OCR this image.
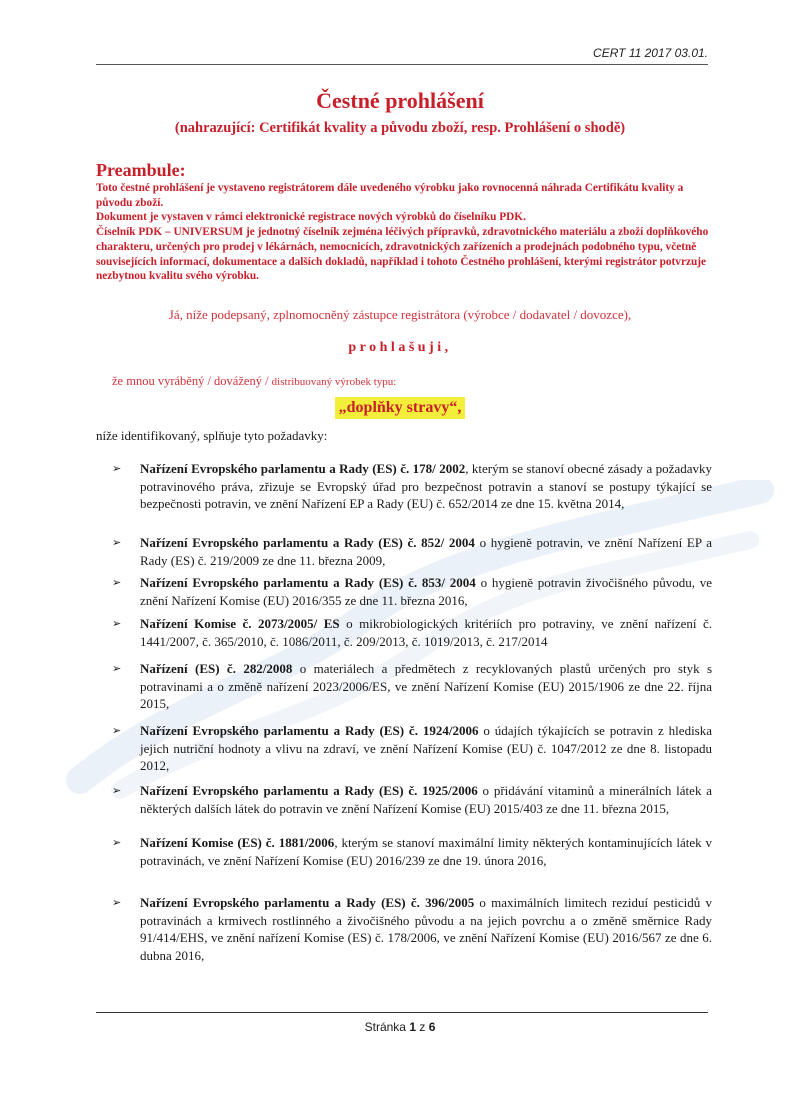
CERT 11 2017 03.01.
Čestné prohlášení
(nahrazující: Certifikát kvality a původu zboží, resp. Prohlášení o shodě)
Preambule:

Toto čestné prohlášení je vystaveno registrátorem dále uvedeného výrobku jako rovnocenná náhrada Certifikátu kvality a původu zboží.

Dokument je vystaven v rámci elektronické registrace nových výrobků do číselníku PDK.

Číselník PDK – UNIVERSUM je jednotný číselník zejména léčivých přípravků, zdravotnického materiálu a zboží doplňkového charakteru, určených pro prodej v lékárnách, nemocnicích, zdravotnických zařízeních a prodejnách podobného typu, včetně souvisejících informací, dokumentace a dalších dokladů, například i tohoto Čestného prohlášení, kterými registrátor potvrzuje nezbytnou kvalitu svého výrobku.

Já, níže podepsaný, zplnomocněný zástupce registrátora (výrobce / dodavatel / dovozce),
prohlašuji,
že mnou vyráběný / dovážený / distribuovaný výrobek typu:
„doplňky stravy“,
níže identifikovaný, splňuje tyto požadavky:
➢	Nařízení Evropského parlamentu a Rady (ES) č. 178/ 2002, kterým se stanoví obecné zásady a požadavky potravinového práva, zřizuje se Evropský úřad pro bezpečnost potravin a stanoví se postupy týkající se bezpečnosti potravin, ve znění Nařízení EP a Rady (EU) č. 652/2014 ze dne 15. května 2014,
➢	Nařízení Evropského parlamentu a Rady (ES) č. 852/ 2004 o hygieně potravin, ve znění Nařízení EP a Rady (ES) č. 219/2009 ze dne 11. března 2009,
➢	Nařízení Evropského parlamentu a Rady (ES) č. 853/ 2004 o hygieně potravin živočišného původu, ve znění Nařízení Komise (EU) 2016/355 ze dne 11. března 2016,
➢	Nařízení Komise č. 2073/2005/ ES o mikrobiologických kritériích pro potraviny, ve znění nařízení č. 1441/2007, č. 365/2010, č. 1086/2011, č. 209/2013, č. 1019/2013, č. 217/2014
➢	Nařízení (ES) č. 282/2008 o materiálech a předmětech z recyklovaných plastů určených pro styk s potravinami a o změně nařízení 2023/2006/ES, ve znění Nařízení Komise (EU) 2015/1906 ze dne 22. října 2015,
➢	Nařízení Evropského parlamentu a Rady (ES) č. 1924/2006 o údajích týkajících se potravin z hlediska jejich nutriční hodnoty a vlivu na zdraví, ve znění Nařízení Komise (EU) č. 1047/2012 ze dne 8. listopadu 2012,
➢	Nařízení Evropského parlamentu a Rady (ES) č. 1925/2006 o přidávání vitaminů a minerálních látek a některých dalších látek do potravin ve znění Nařízení Komise (EU) 2015/403 ze dne 11. března 2015,
➢	Nařízení Komise (ES) č. 1881/2006, kterým se stanoví maximální limity některých kontaminujících látek v potravinách, ve znění Nařízení Komise (EU) 2016/239 ze dne 19. února 2016,
➢	Nařízení Evropského parlamentu a Rady (ES) č. 396/2005 o maximálních limitech reziduí pesticidů v potravinách a krmivech rostlinného a živočišného původu a na jejich povrchu a o změně směrnice Rady 91/414/EHS, ve znění nařízení Komise (ES) č. 178/2006, ve znění Nařízení Komise (EU) 2016/567 ze dne 6. dubna 2016,
Stránka 1 z 6
